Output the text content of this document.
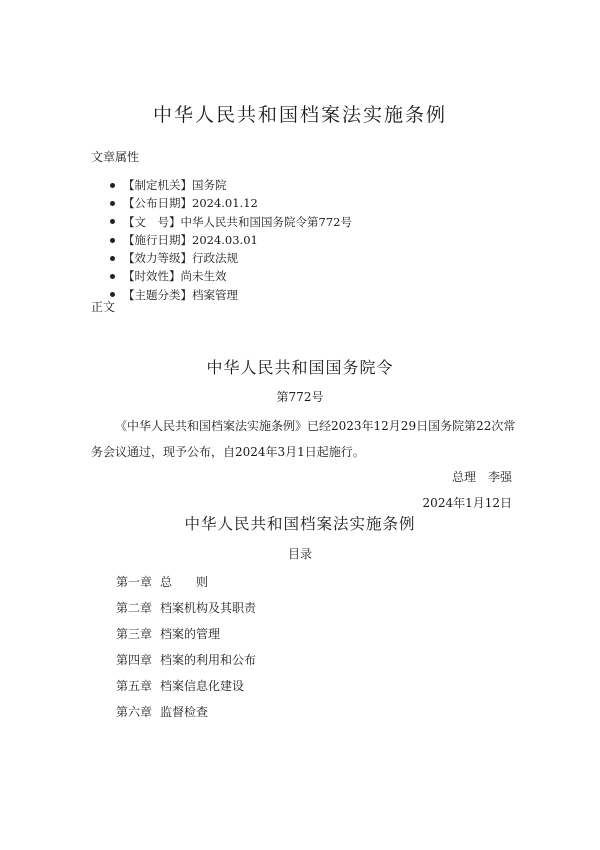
中华人民共和国档案法实施条例
文章属性
【制定机关】国务院
【公布日期】2024.01.12
【文　号】中华人民共和国国务院令第772号
【施行日期】2024.03.01
【效力等级】行政法规
【时效性】尚未生效
【主题分类】档案管理
正文
中华人民共和国国务院令
第772号
《中华人民共和国档案法实施条例》已经2023年12月29日国务院第22次常
务会议通过，现予公布，自2024年3月1日起施行。
总理　李强
2024年1月12日
中华人民共和国档案法实施条例
目录
第一章 总　　则
第二章 档案机构及其职责
第三章 档案的管理
第四章 档案的利用和公布
第五章 档案信息化建设
第六章 监督检查
